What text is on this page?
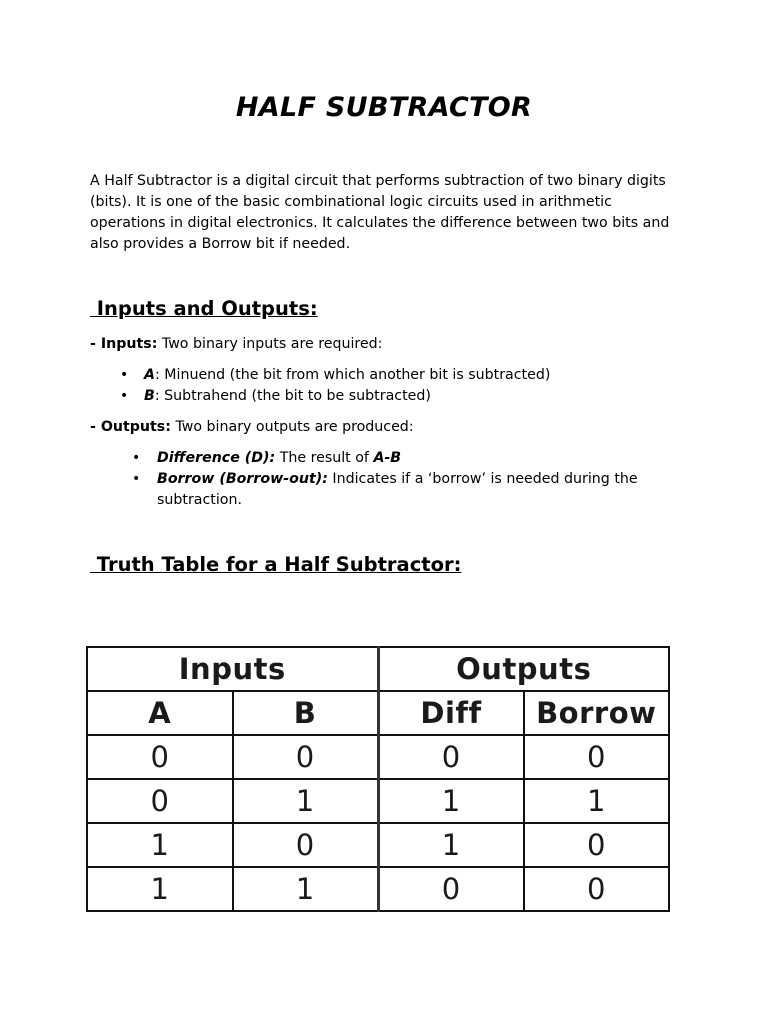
HALF SUBTRACTOR

A Half Subtractor is a digital circuit that performs subtraction of two binary digits (bits). It is one of the basic combinational logic circuits used in arithmetic operations in digital electronics. It calculates the difference between two bits and also provides a Borrow bit if needed.

Inputs and Outputs:
- Inputs: Two binary inputs are required:
• A: Minuend (the bit from which another bit is subtracted)
• B: Subtrahend (the bit to be subtracted)
- Outputs: Two binary outputs are produced:
• Difference (D): The result of A-B
• Borrow (Borrow-out): Indicates if a ‘borrow’ is needed during the subtraction.
Truth Table for a Half Subtractor:
Inputs		Outputs	
A	B	Diff	Borrow
0	0	0	0
0	1	1	1
1	0	1	0
1	1	0	0
